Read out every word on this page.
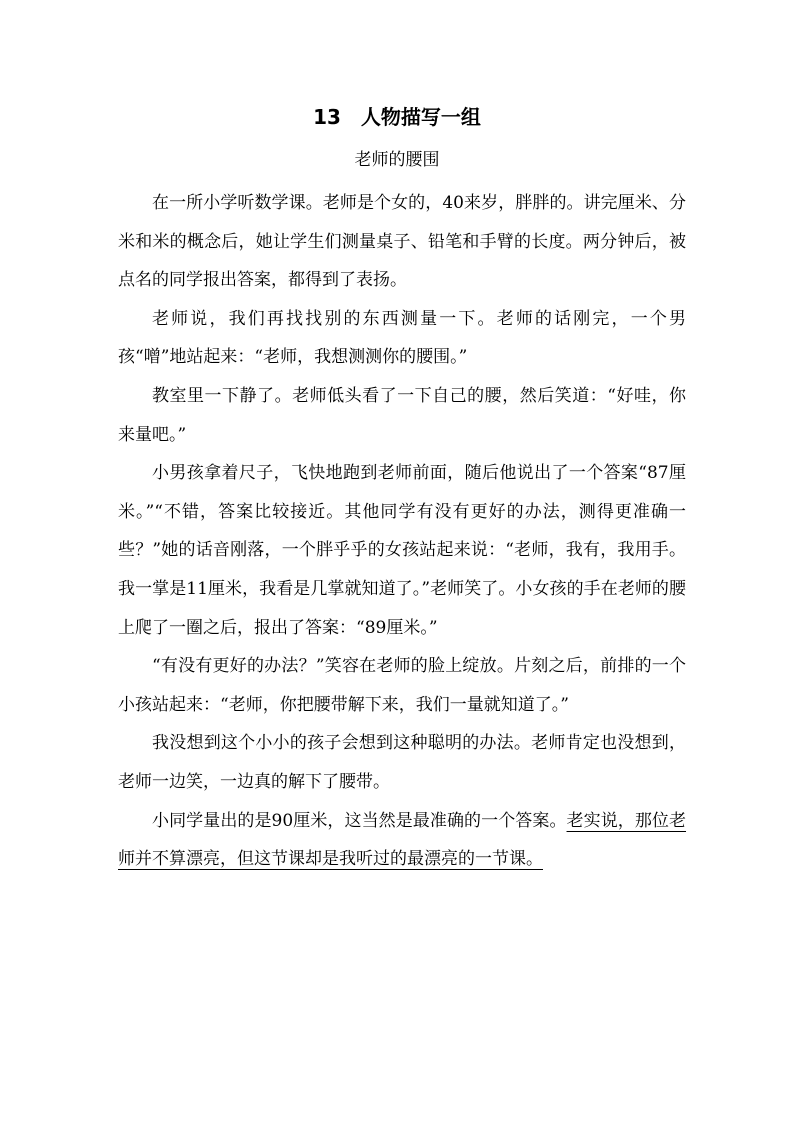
13　人物描写一组
老师的腰围

在一所小学听数学课。老师是个女的，40来岁，胖胖的。讲完厘米、分米和米的概念后，她让学生们测量桌子、铅笔和手臂的长度。两分钟后，被点名的同学报出答案，都得到了表扬。

老师说，我们再找找别的东西测量一下。老师的话刚完，一个男孩“噌”地站起来：“老师，我想测测你的腰围。”

教室里一下静了。老师低头看了一下自己的腰，然后笑道：“好哇，你来量吧。”

小男孩拿着尺子，飞快地跑到老师前面，随后他说出了一个答案“87厘米。”“不错，答案比较接近。其他同学有没有更好的办法，测得更准确一些？”她的话音刚落，一个胖乎乎的女孩站起来说：“老师，我有，我用手。我一掌是11厘米，我看是几掌就知道了。”老师笑了。小女孩的手在老师的腰上爬了一圈之后，报出了答案：“89厘米。”

“有没有更好的办法？”笑容在老师的脸上绽放。片刻之后，前排的一个小孩站起来：“老师，你把腰带解下来，我们一量就知道了。”

我没想到这个小小的孩子会想到这种聪明的办法。老师肯定也没想到，老师一边笑，一边真的解下了腰带。

小同学量出的是90厘米，这当然是最准确的一个答案。老实说，那位老师并不算漂亮，但这节课却是我听过的最漂亮的一节课。
